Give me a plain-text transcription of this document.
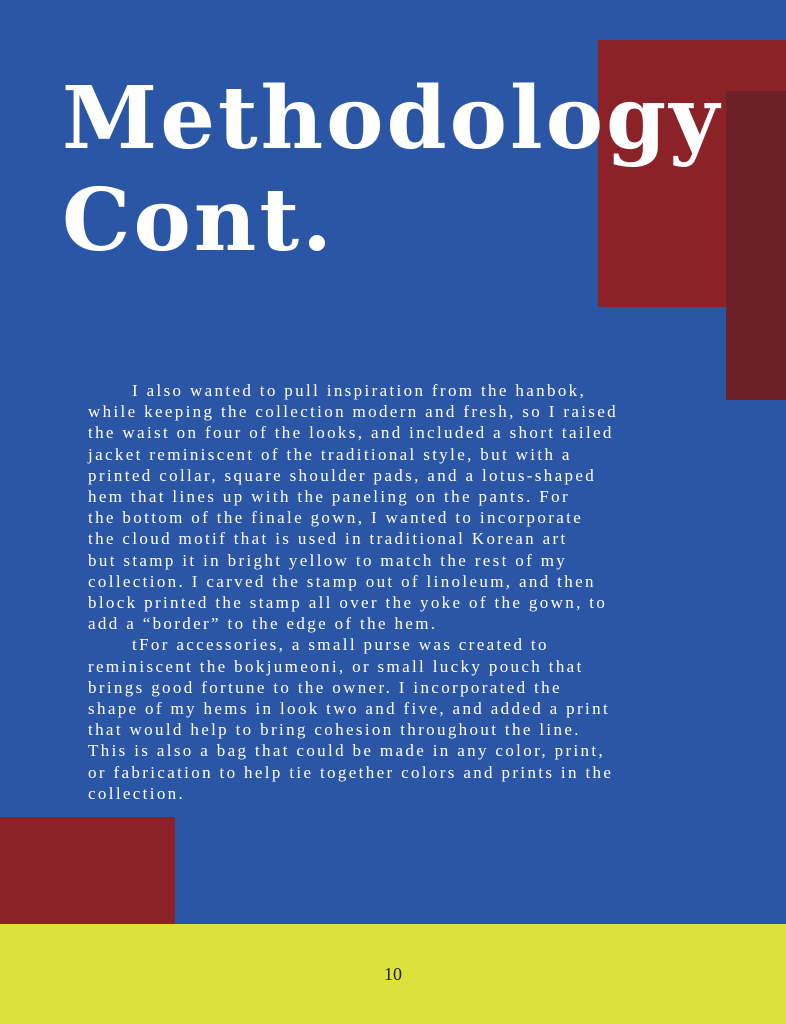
Methodology
Cont.
I also wanted to pull inspiration from the hanbok,
while keeping the collection modern and fresh, so I raised
the waist on four of the looks, and included a short tailed
jacket reminiscent of the traditional style, but with a
printed collar, square shoulder pads, and a lotus-shaped
hem that lines up with the paneling on the pants. For
the bottom of the finale gown, I wanted to incorporate
the cloud motif that is used in traditional Korean art
but stamp it in bright yellow to match the rest of my
collection. I carved the stamp out of linoleum, and then
block printed the stamp all over the yoke of the gown, to
add a “border” to the edge of the hem.
tFor accessories, a small purse was created to
reminiscent the bokjumeoni, or small lucky pouch that
brings good fortune to the owner. I incorporated the
shape of my hems in look two and five, and added a print
that would help to bring cohesion throughout the line.
This is also a bag that could be made in any color, print,
or fabrication to help tie together colors and prints in the
collection.
10
